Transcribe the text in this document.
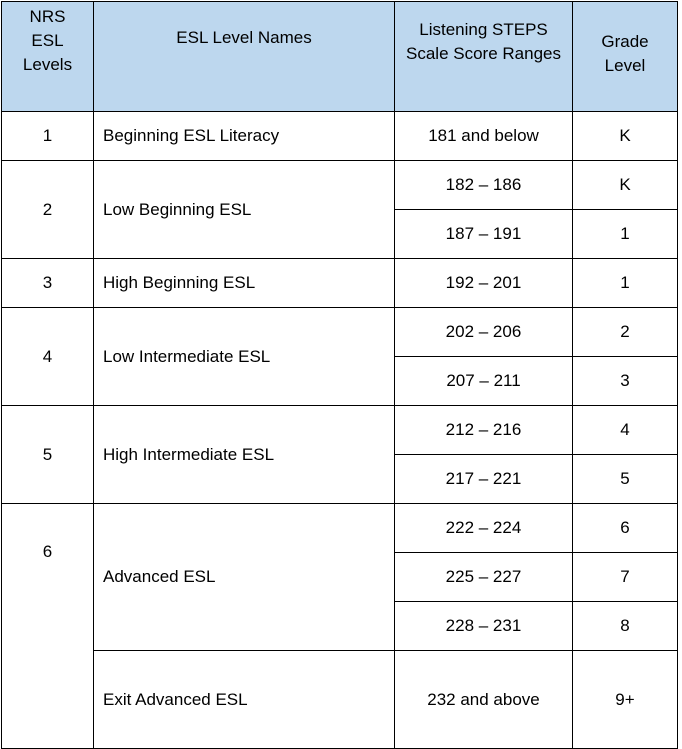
NRS ESL Levels	ESL Level Names	Listening STEPS Scale Score Ranges	Grade Level

1	Beginning ESL Literacy	181 and below	K
2	Low Beginning ESL	182 – 186	K
		187 – 191	1
3	High Beginning ESL	192 – 201	1
4	Low Intermediate ESL	202 – 206	2
		207 – 211	3
5	High Intermediate ESL	212 – 216	4
		217 – 221	5
6	Advanced ESL	222 – 224	6
		225 – 227	7
		228 – 231	8
	Exit Advanced ESL	232 and above	9+
